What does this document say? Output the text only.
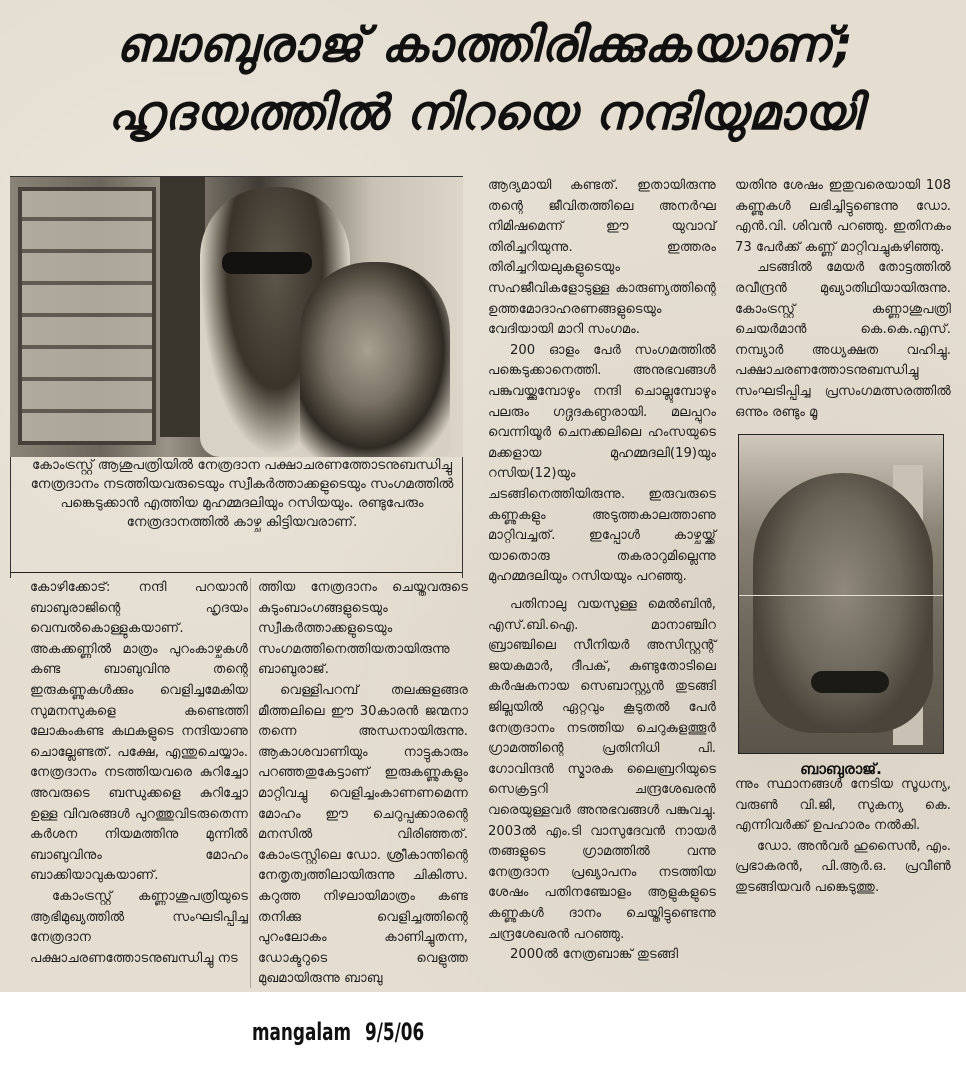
ബാബുരാജ് കാത്തിരിക്കുകയാണ്;
ഹൃദയത്തിൽ നിറയെ നന്ദിയുമായി
കോംട്രസ്റ്റ് ആശുപത്രിയിൽ നേത്രദാന പക്ഷാചരണത്തോടനുബന്ധിച്ചു നേത്രദാനം നടത്തിയവരുടെയും സ്വീകർത്താക്കളുടെയും സംഗമത്തിൽ പങ്കെടുക്കാൻ എത്തിയ മുഹമ്മദലിയും റസിയയും. രണ്ടുപേരും നേത്രദാനത്തിൽ കാഴ്ച കിട്ടിയവരാണ്.

കോഴിക്കോട്: നന്ദി പറയാൻ ബാബുരാജിന്റെ ഹൃദയം വെമ്പൽകൊള്ളുകയാണ്. അകക്കണ്ണിൽ മാത്രം പുറംകാഴ്ചകൾ കണ്ട ബാബുവിനു തന്റെ ഇരുകണ്ണുകൾക്കും വെളിച്ചമേകിയ സുമനസുകളെ കണ്ടെത്തി ലോകംകണ്ട കഥകളുടെ നന്ദിയാണു ചൊല്ലേണ്ടത്. പക്ഷേ, എന്തുചെയ്യാം. നേത്രദാനം നടത്തിയവരെ കുറിച്ചോ അവരുടെ ബന്ധുക്കളെ കുറിച്ചോ ഉള്ള വിവരങ്ങൾ പുറത്തുവിടരുതെന്ന കർശന നിയമത്തിനു മുന്നിൽ ബാബുവിനും മോഹം ബാക്കിയാവുകയാണ്.

കോംട്രസ്റ്റ് കണ്ണാശുപത്രിയുടെ ആഭിമുഖ്യത്തിൽ സംഘടിപ്പിച്ച നേത്രദാന പക്ഷാചരണത്തോടനുബന്ധിച്ചു നട

ത്തിയ നേത്രദാനം ചെയ്തവരുടെ കുടുംബാംഗങ്ങളുടെയും സ്വീകർത്താക്കളുടെയും സംഗമത്തിനെത്തിയതായിരുന്നു ബാബുരാജ്.

വെള്ളിപറമ്പ് തലക്കുളങ്ങര മീത്തലിലെ ഈ 30കാരൻ ജന്മനാ തന്നെ അന്ധനായിരുന്നു. ആകാശവാണിയും നാട്ടുകാരും പറഞ്ഞതുകേട്ടാണ് ഇരുകണ്ണുകളും മാറ്റിവച്ചു വെളിച്ചംകാണണമെന്ന മോഹം ഈ ചെറുപ്പക്കാരന്റെ മനസിൽ വിരിഞ്ഞത്. കോംട്രസ്റ്റിലെ ഡോ. ശ്രീകാന്തിന്റെ നേതൃത്വത്തിലായിരുന്നു ചികിത്സ. കറുത്ത നിഴലായിമാത്രം കണ്ട തനിക്കു വെളിച്ചത്തിന്റെ പുറംലോകം കാണിച്ചുതന്ന, ഡോക്ടറുടെ വെളുത്ത മുഖമായിരുന്നു ബാബു

ആദ്യമായി കണ്ടത്. ഇതായിരുന്നു തന്റെ ജീവിതത്തിലെ അനർഘ നിമിഷമെന്ന് ഈ യുവാവ് തിരിച്ചറിയുന്നു. ഇത്തരം തിരിച്ചറിയലുകളുടെയും സഹജീവികളോടുള്ള കാരുണ്യത്തിന്റെ ഉത്തമോദാഹരണങ്ങളുടെയും വേദിയായി മാറി സംഗമം.

200 ഓളം പേർ സംഗമത്തിൽ പങ്കെടുക്കാനെത്തി. അനുഭവങ്ങൾ പങ്കുവയ്ക്കുമ്പോഴും നന്ദി ചൊല്ലുമ്പോഴും പലരും ഗദ്ഗദകണ്ഠരായി. മലപ്പുറം വെന്നിയൂർ ചെനക്കലിലെ ഹംസയുടെ മക്കളായ മുഹമ്മദലി(19)യും റസിയ(12)യും ചടങ്ങിനെത്തിയിരുന്നു. ഇരുവരുടെ കണ്ണുകളും അടുത്തകാലത്താണു മാറ്റിവച്ചത്. ഇപ്പോൾ കാഴ്ചയ്ക്ക് യാതൊരു തകരാറുമില്ലെന്നു മുഹമ്മദലിയും റസിയയും പറഞ്ഞു.

പതിനാലു വയസുള്ള മെൽബിൻ, എസ്.ബി.ഐ. മാനാഞ്ചിറ ബ്രാഞ്ചിലെ സീനിയർ അസിസ്റ്റന്റ് ജയകുമാർ, ദീപക്, കുണ്ടുതോടിലെ കർഷകനായ സെബാസ്റ്റ്യൻ തുടങ്ങി ജില്ലയിൽ ഏറ്റവും കൂടുതൽ പേർ നേത്രദാനം നടത്തിയ ചെറുകുളത്തൂർ ഗ്രാമത്തിന്റെ പ്രതിനിധി പി. ഗോവിന്ദൻ സ്മാരക ലൈബ്രറിയുടെ സെക്രട്ടറി ചന്ദ്രശേഖരൻ വരെയുള്ളവർ അനുഭവങ്ങൾ പങ്കുവച്ചു. 2003ൽ എം.ടി വാസുദേവൻ നായർ തങ്ങളുടെ ഗ്രാമത്തിൽ വന്നു നേത്രദാന പ്രഖ്യാപനം നടത്തിയ ശേഷം പതിനഞ്ചോളം ആളുകളുടെ കണ്ണുകൾ ദാനം ചെയ്തിട്ടുണ്ടെന്നു ചന്ദ്രശേഖരൻ പറഞ്ഞു.

2000ൽ നേത്രബാങ്ക് തുടങ്ങി

യതിനു ശേഷം ഇതുവരെയായി 108 കണ്ണുകൾ ലഭിച്ചിട്ടുണ്ടെന്നു ഡോ. എൻ.വി. ശിവൻ പറഞ്ഞു. ഇതിനകം 73 പേർക്ക് കണ്ണ് മാറ്റിവച്ചുകഴിഞ്ഞു.

ചടങ്ങിൽ മേയർ തോട്ടത്തിൽ രവീന്ദ്രൻ മുഖ്യാതിഥിയായിരുന്നു. കോംട്രസ്റ്റ് കണ്ണാശുപത്രി ചെയർമാൻ കെ.കെ.എസ്. നമ്പ്യാർ അധ്യക്ഷത വഹിച്ചു. പക്ഷാചരണത്തോടനുബന്ധിച്ചു സംഘടിപ്പിച്ച പ്രസംഗമത്സരത്തിൽ ഒന്നും രണ്ടും മൂ

ബാബുരാജ്.

ന്നും സ്ഥാനങ്ങൾ നേടിയ സൂധന്യ, വരുൺ വി.ജി, സുകന്യ കെ. എന്നിവർക്ക് ഉപഹാരം നൽകി.

ഡോ. അൻവർ ഹുസൈൻ, എം. പ്രഭാകരൻ, പി.ആർ.ഒ. പ്രവീൺ തുടങ്ങിയവർ പങ്കെടുത്തു.

mangalam 9/5/06
